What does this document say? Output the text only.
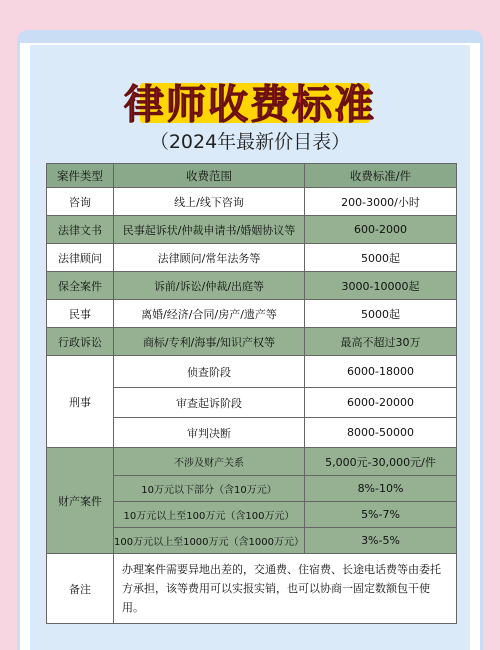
律师收费标准
（2024年最新价目表）
案件类型	收费范围	收费标准/件
咨询	线上/线下咨询	200-3000/小时
法律文书	民事起诉状/仲裁申请书/婚姻协议等	600-2000
法律顾问	法律顾问/常年法务等	5000起
保全案件	诉前/诉讼/仲裁/出庭等	3000-10000起
民事	离婚/经济/合同/房产/遗产等	5000起
行政诉讼	商标/专利/海事/知识产权等	最高不超过30万
刑事	侦查阶段	6000-18000
	审查起诉阶段	6000-20000
	审判决断	8000-50000
财产案件	不涉及财产关系	5,000元-30,000元/件
	10万元以下部分（含10万元）	8%-10%
	10万元以上至100万元（含100万元）	5%-7%
	100万元以上至1000万元（含1000万元）	3%-5%
备注	办理案件需要异地出差的，交通费、住宿费、长途电话费等由委托方承担，该等费用可以实报实销，也可以协商一固定数额包干使用。	
